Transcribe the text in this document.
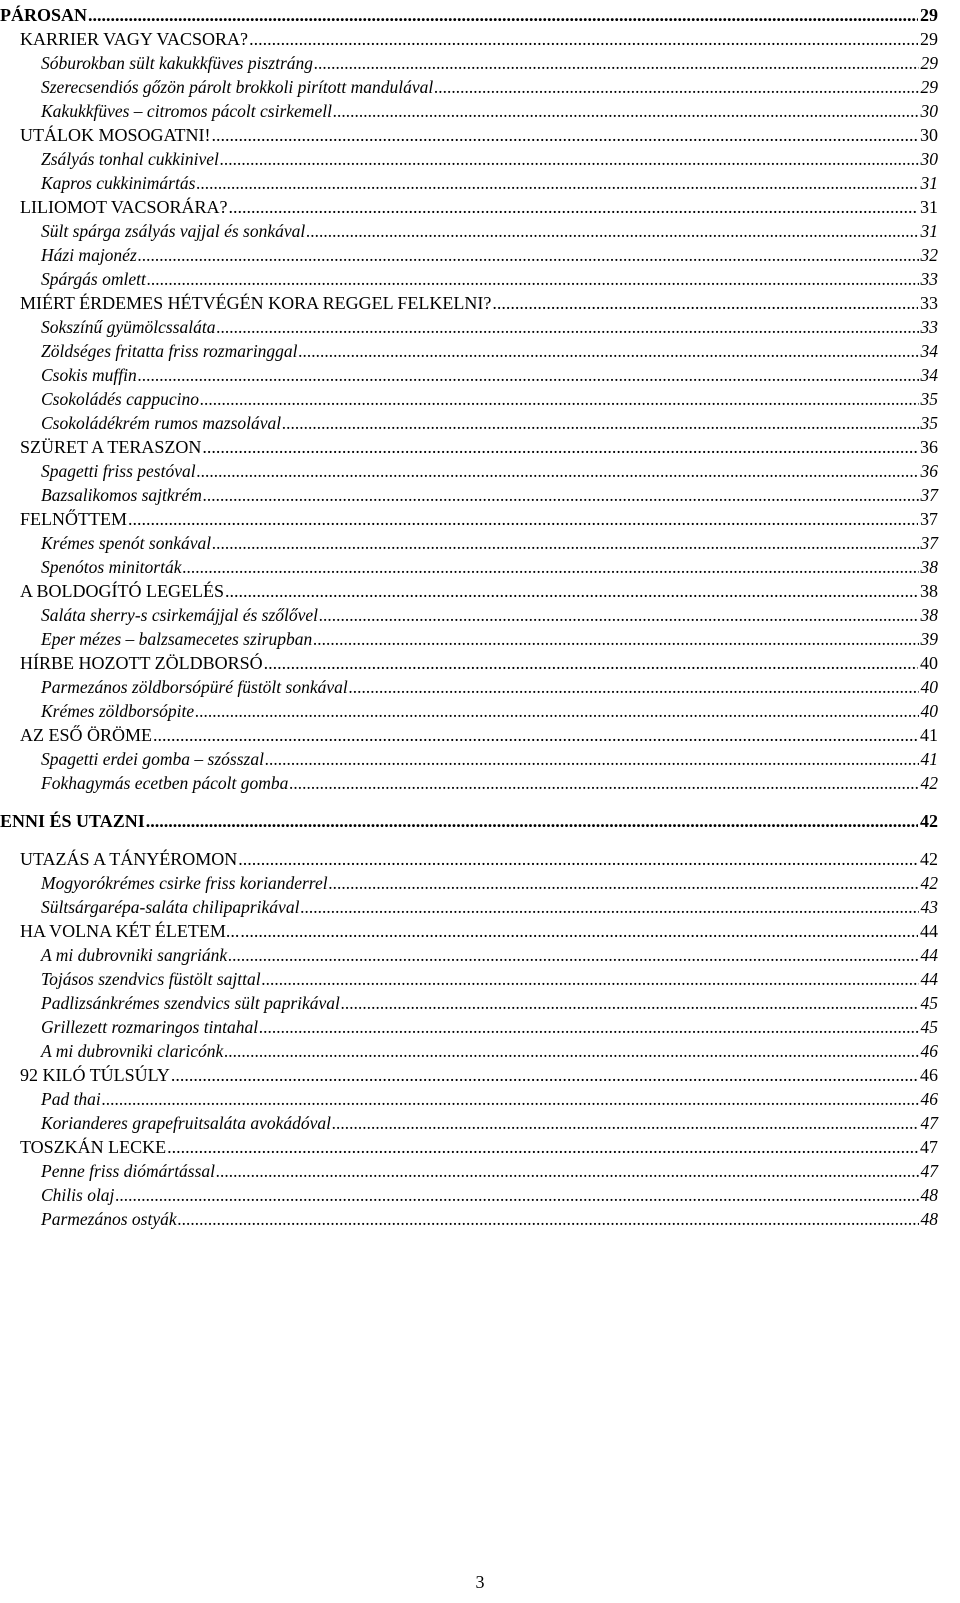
PÁROSAN .....	29
KARRIER VAGY VACSORA? .....	29
Sóburokban sült kakukkfüves pisztráng .....	29
Szerecsendiós gőzön párolt brokkoli pirított mandulával .....	29
Kakukkfüves – citromos pácolt csirkemell .....	30
UTÁLOK MOSOGATNI! .....	30
Zsályás tonhal cukkinivel .....	30
Kapros cukkinimártás .....	31
LILIOMOT VACSORÁRA? .....	31
Sült spárga zsályás vajjal és sonkával .....	31
Házi majonéz .....	32
Spárgás omlett .....	33
MIÉRT ÉRDEMES HÉTVÉGÉN KORA REGGEL FELKELNI? .....	33
Sokszínű gyümölcssaláta .....	33
Zöldséges fritatta friss rozmaringgal .....	34
Csokis muffin .....	34
Csokoládés cappucino .....	35
Csokoládékrém rumos mazsolával .....	35
SZÜRET A TERASZON .....	36
Spagetti friss pestóval .....	36
Bazsalikomos sajtkrém .....	37
FELNŐTTEM .....	37
Krémes spenót sonkával .....	37
Spenótos minitorták .....	38
A BOLDOGÍTÓ LEGELÉS .....	38
Saláta sherry-s csirkemájjal és szőlővel .....	38
Eper mézes – balzsamecetes szirupban .....	39
HÍRBE HOZOTT ZÖLDBORSÓ .....	40
Parmezános zöldborsópüré füstölt sonkával .....	40
Krémes zöldborsópite .....	40
AZ ESŐ ÖRÖME .....	41
Spagetti erdei gomba – szósszal .....	41
Fokhagymás ecetben pácolt gomba .....	42
ENNI ÉS UTAZNI .....	42
UTAZÁS A TÁNYÉROMON .....	42
Mogyorókrémes csirke friss korianderrel .....	42
Sültsárgarépa-saláta chilipaprikával .....	43
HA VOLNA KÉT ÉLETEM... .....	44
A mi dubrovniki sangriánk .....	44
Tojásos szendvics füstölt sajttal .....	44
Padlizsánkrémes szendvics sült paprikával .....	45
Grillezett rozmaringos tintahal .....	45
A mi dubrovniki claricónk .....	46
92 KILÓ TÚLSÚLY .....	46
Pad thai .....	46
Korianderes grapefruitsaláta avokádóval .....	47
TOSZKÁN LECKE .....	47
Penne friss diómártással .....	47
Chilis olaj .....	48
Parmezános ostyák .....	48
3
